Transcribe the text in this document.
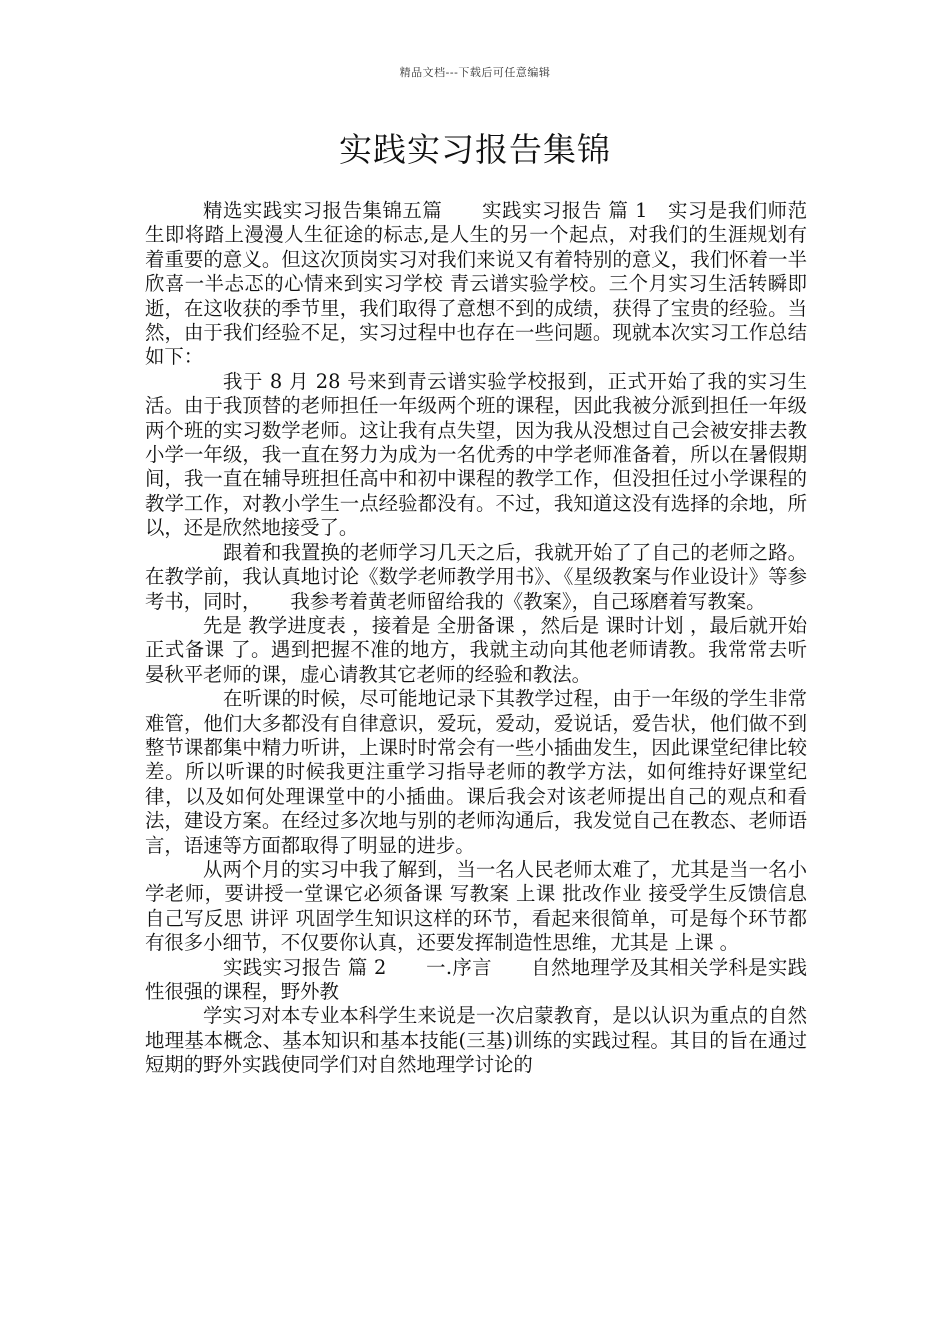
精品文档---下载后可任意编辑
实践实习报告集锦

精选实践实习报告集锦五篇　　实践实习报告 篇 1　实习是我们师范生即将踏上漫漫人生征途的标志,是人生的另一个起点，对我们的生涯规划有着重要的意义。但这次顶岗实习对我们来说又有着特别的意义，我们怀着一半欣喜一半忐忑的心情来到实习学校 青云谱实验学校。三个月实习生活转瞬即逝，在这收获的季节里，我们取得了意想不到的成绩，获得了宝贵的经验。当然，由于我们经验不足，实习过程中也存在一些问题。现就本次实习工作总结如下：

我于 8 月 28 号来到青云谱实验学校报到，正式开始了我的实习生活。由于我顶替的老师担任一年级两个班的课程，因此我被分派到担任一年级两个班的实习数学老师。这让我有点失望，因为我从没想过自己会被安排去教小学一年级，我一直在努力为成为一名优秀的中学老师准备着，所以在暑假期间，我一直在辅导班担任高中和初中课程的教学工作，但没担任过小学课程的教学工作，对教小学生一点经验都没有。不过，我知道这没有选择的余地，所以，还是欣然地接受了。

跟着和我置换的老师学习几天之后，我就开始了了自己的老师之路。在教学前，我认真地讨论《数学老师教学用书》、《星级教案与作业设计》等参考书，同时，　　我参考着黄老师留给我的《教案》，自己琢磨着写教案。

先是 教学进度表 ，接着是 全册备课 ，然后是 课时计划 ，最后就开始 正式备课 了。遇到把握不准的地方，我就主动向其他老师请教。我常常去听晏秋平老师的课，虚心请教其它老师的经验和教法。

在听课的时候，尽可能地记录下其教学过程，由于一年级的学生非常难管，他们大多都没有自律意识，爱玩，爱动，爱说话，爱告状，他们做不到整节课都集中精力听讲，上课时时常会有一些小插曲发生，因此课堂纪律比较差。所以听课的时候我更注重学习指导老师的教学方法，如何维持好课堂纪律，以及如何处理课堂中的小插曲。课后我会对该老师提出自己的观点和看法，建设方案。在经过多次地与别的老师沟通后，我发觉自己在教态、老师语言，语速等方面都取得了明显的进步。

从两个月的实习中我了解到，当一名人民老师太难了，尤其是当一名小学老师，要讲授一堂课它必须备课 写教案 上课 批改作业 接受学生反馈信息 自己写反思 讲评 巩固学生知识这样的环节，看起来很简单，可是每个环节都有很多小细节，不仅要你认真，还要发挥制造性思维，尤其是 上课 。

实践实习报告 篇 2　　一.序言　　自然地理学及其相关学科是实践性很强的课程，野外教

学实习对本专业本科学生来说是一次启蒙教育，是以认识为重点的自然地理基本概念、基本知识和基本技能(三基)训练的实践过程。其目的旨在通过短期的野外实践使同学们对自然地理学讨论的
